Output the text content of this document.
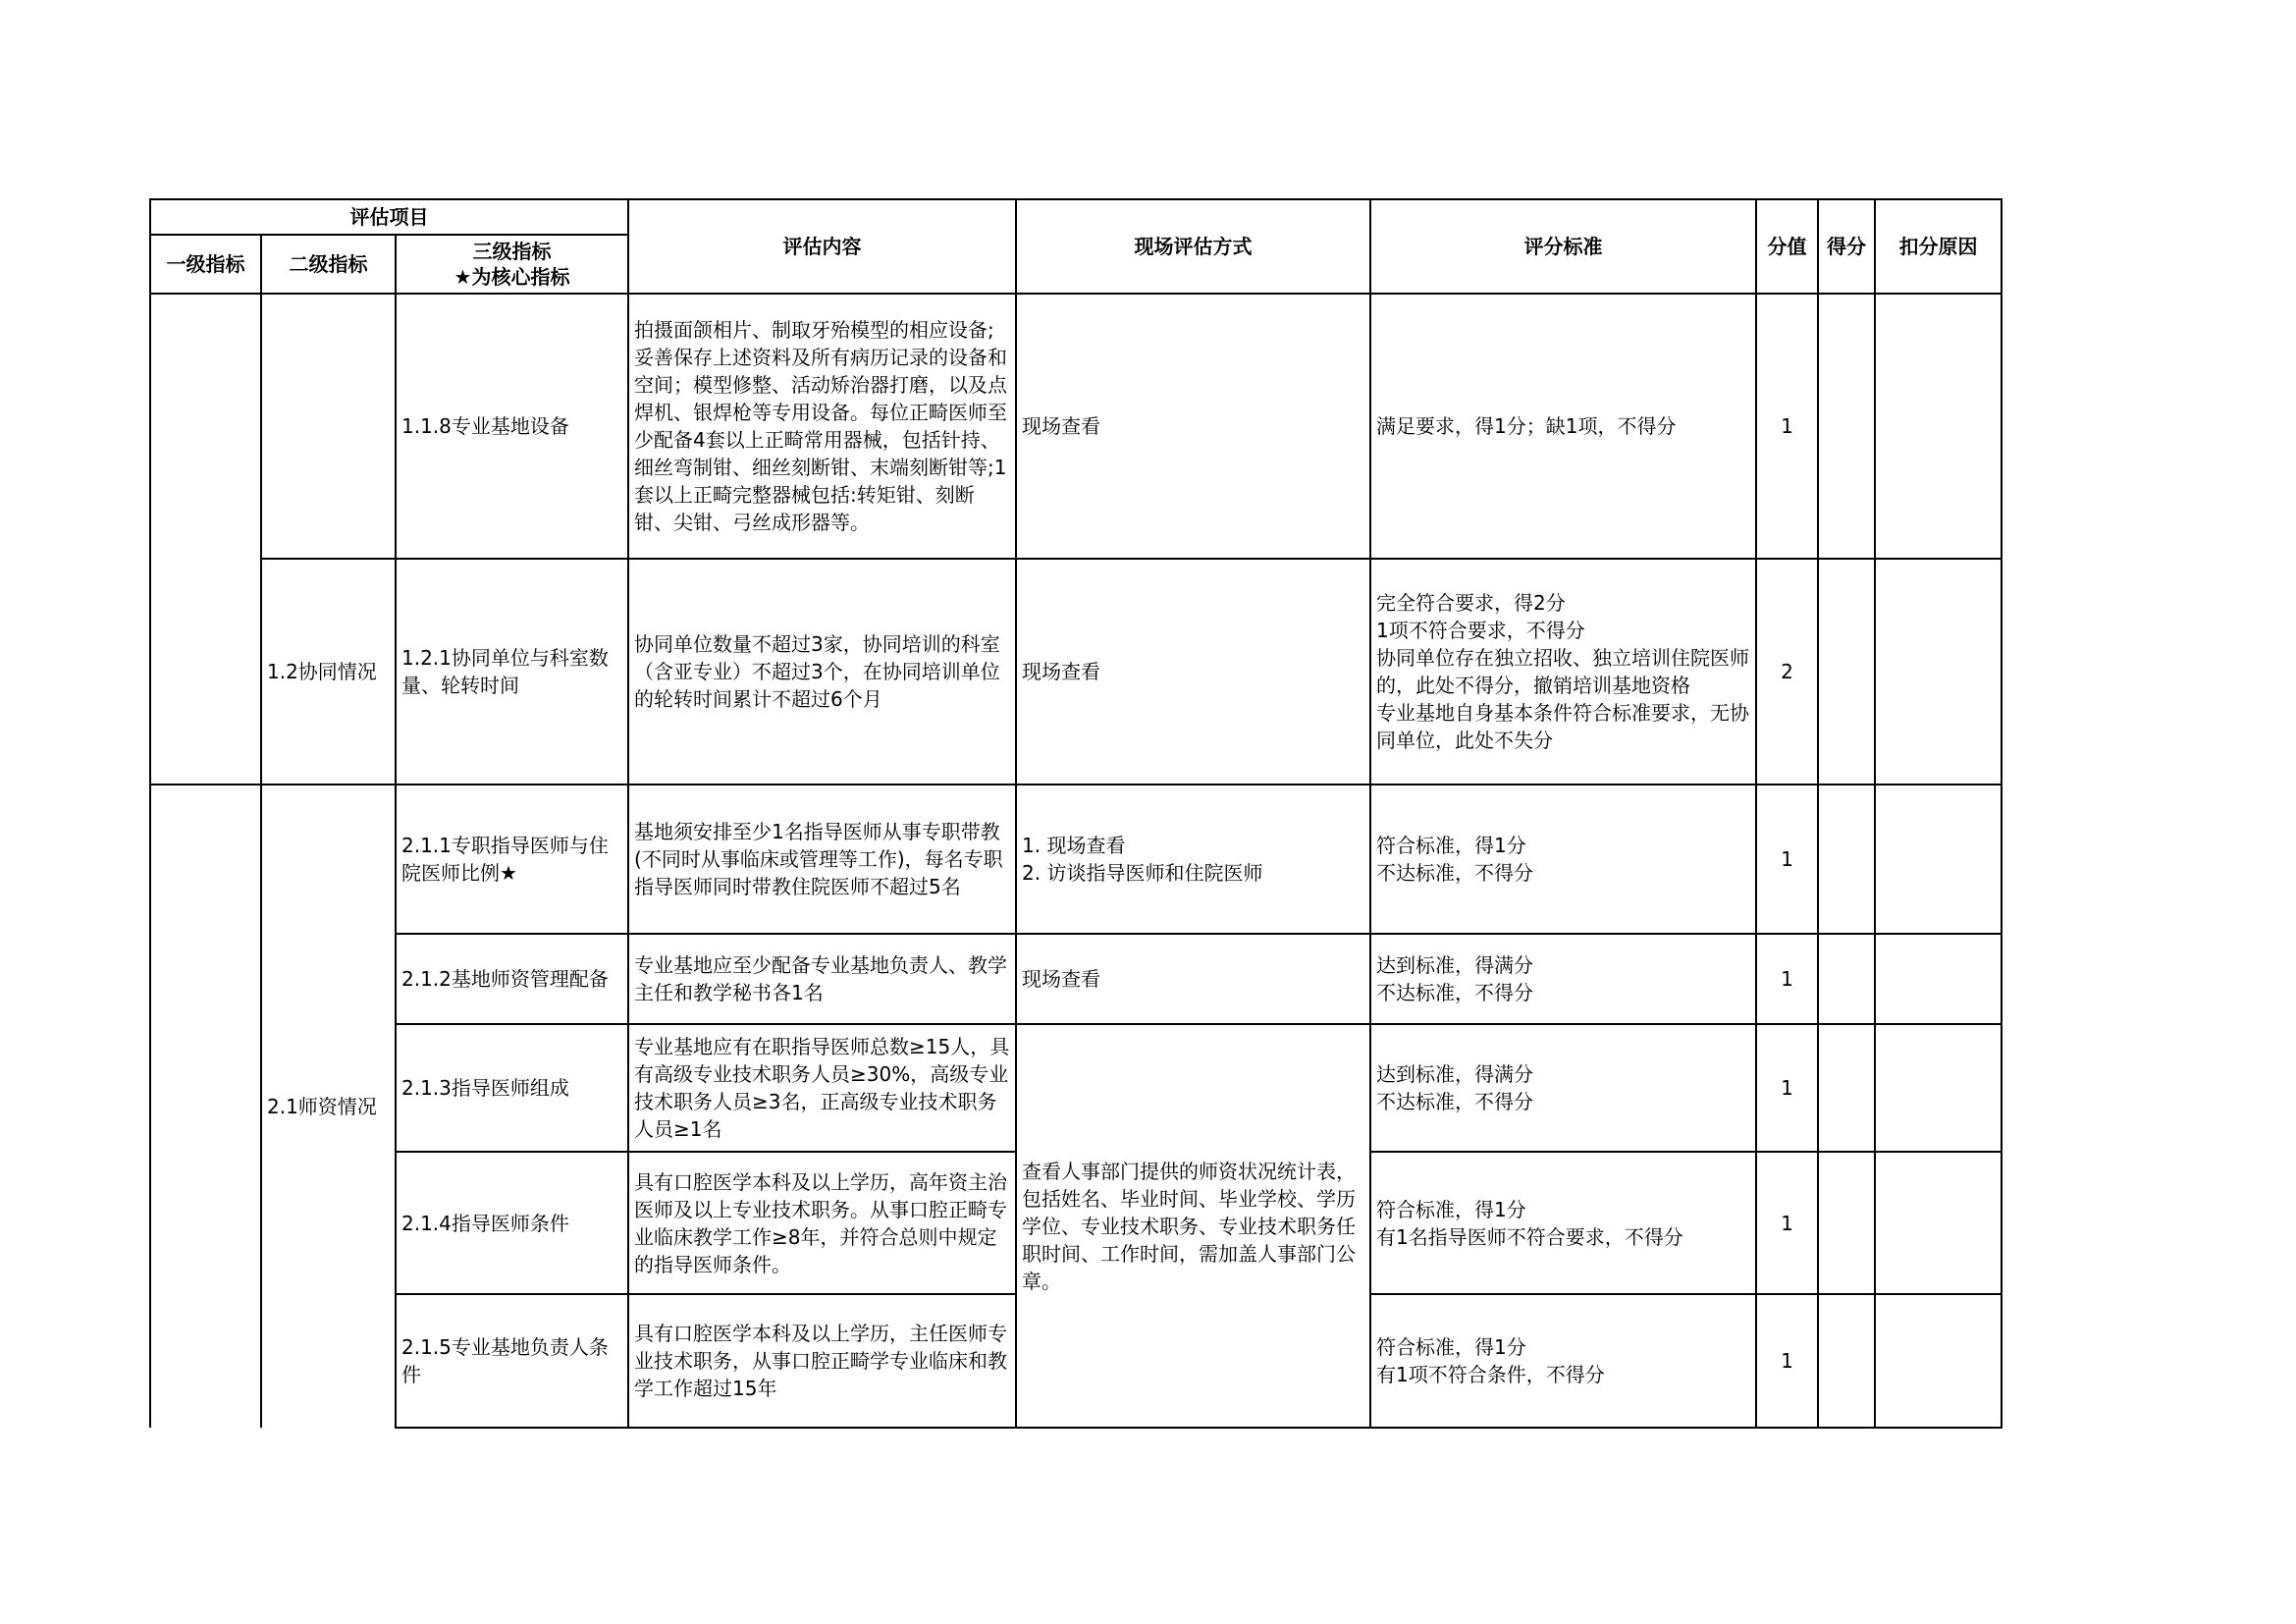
评估项目			评估内容	现场评估方式	评分标准	分值	得分	扣分原因
一级指标	二级指标	三级指标
★为核心指标						
		1.1.8专业基地设备	拍摄面颌相片、制取牙殆模型的相应设备;妥善保存上述资料及所有病历记录的设备和空间；模型修整、活动矫治器打磨，以及点焊机、银焊枪等专用设备。每位正畸医师至少配备4套以上正畸常用器械，包括针持、细丝弯制钳、细丝刻断钳、末端刻断钳等;1套以上正畸完整器械包括:转矩钳、刻断钳、尖钳、弓丝成形器等。	现场查看	满足要求，得1分；缺1项，不得分	1		
	1.2协同情况	1.2.1协同单位与科室数量、轮转时间	协同单位数量不超过3家，协同培训的科室（含亚专业）不超过3个，在协同培训单位的轮转时间累计不超过6个月	现场查看	完全符合要求，得2分
1项不符合要求，不得分
协同单位存在独立招收、独立培训住院医师的，此处不得分，撤销培训基地资格
专业基地自身基本条件符合标准要求，无协同单位，此处不失分	2		
	2.1师资情况	2.1.1专职指导医师与住院医师比例★	基地须安排至少1名指导医师从事专职带教(不同时从事临床或管理等工作)，每名专职指导医师同时带教住院医师不超过5名	1. 现场查看
2. 访谈指导医师和住院医师	符合标准，得1分
不达标准，不得分	1		
		2.1.2基地师资管理配备	专业基地应至少配备专业基地负责人、教学主任和教学秘书各1名	现场查看	达到标准，得满分
不达标准，不得分	1		
		2.1.3指导医师组成	专业基地应有在职指导医师总数≥15人，具有高级专业技术职务人员≥30%，高级专业技术职务人员≥3名，正高级专业技术职务人员≥1名	查看人事部门提供的师资状况统计表，包括姓名、毕业时间、毕业学校、学历学位、专业技术职务、专业技术职务任职时间、工作时间，需加盖人事部门公章。	达到标准，得满分
不达标准，不得分	1		
		2.1.4指导医师条件	具有口腔医学本科及以上学历，高年资主治医师及以上专业技术职务。从事口腔正畸专业临床教学工作≥8年，并符合总则中规定的指导医师条件。		符合标准，得1分
有1名指导医师不符合要求，不得分	1		
		2.1.5专业基地负责人条件	具有口腔医学本科及以上学历，主任医师专业技术职务，从事口腔正畸学专业临床和教学工作超过15年		符合标准，得1分
有1项不符合条件，不得分	1		
